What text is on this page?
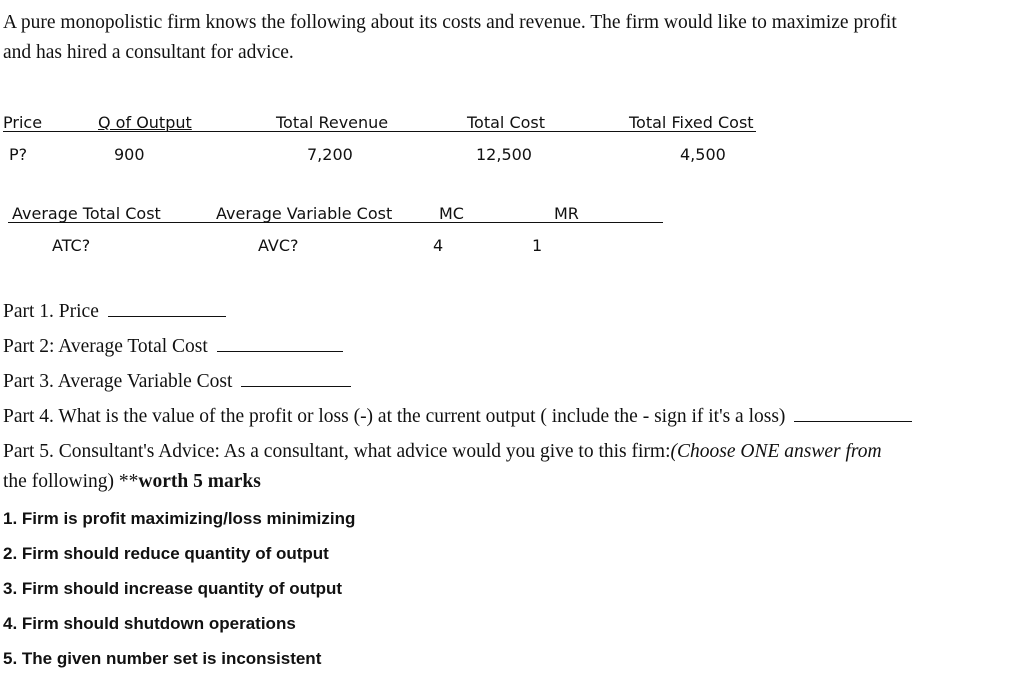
A pure monopolistic firm knows the following about its costs and revenue. The firm would like to maximize profit
and has hired a consultant for advice.
Price	Q of Output	Total Revenue	Total Cost	Total Fixed Cost
P?	900	7,200	12,500	4,500
Average Total Cost	Average Variable Cost	MC	MR
ATC?	AVC?	4	1
Part 1. Price
Part 2: Average Total Cost
Part 3. Average Variable Cost
Part 4. What is the value of the profit or loss (-) at the current output ( include the - sign if it's a loss)
Part 5. Consultant's Advice: As a consultant, what advice would you give to this firm:(Choose ONE answer from
the following) **worth 5 marks
1. Firm is profit maximizing/loss minimizing
2. Firm should reduce quantity of output
3. Firm should increase quantity of output
4. Firm should shutdown operations
5. The given number set is inconsistent
